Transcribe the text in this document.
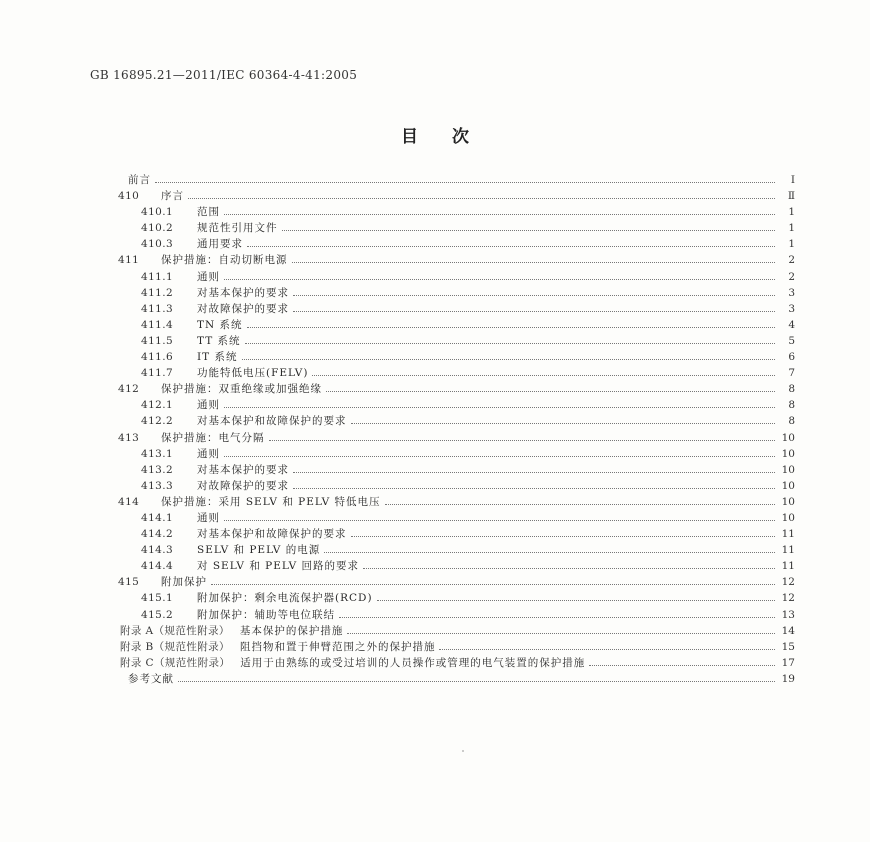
GB 16895.21—2011/IEC 60364-4-41:2005
目次
前言	I
410	序言	Ⅱ
410.1	范围	1
410.2	规范性引用文件	1
410.3	通用要求	1
411	保护措施：自动切断电源	2
411.1	通则	2
411.2	对基本保护的要求	3
411.3	对故障保护的要求	3
411.4	TN 系统	4
411.5	TT 系统	5
411.6	IT 系统	6
411.7	功能特低电压(FELV)	7
412	保护措施：双重绝缘或加强绝缘	8
412.1	通则	8
412.2	对基本保护和故障保护的要求	8
413	保护措施：电气分隔	10
413.1	通则	10
413.2	对基本保护的要求	10
413.3	对故障保护的要求	10
414	保护措施：采用 SELV 和 PELV 特低电压	10
414.1	通则	10
414.2	对基本保护和故障保护的要求	11
414.3	SELV 和 PELV 的电源	11
414.4	对 SELV 和 PELV 回路的要求	11
415	附加保护	12
415.1	附加保护：剩余电流保护器(RCD)	12
415.2	附加保护：辅助等电位联结	13
附录 A（规范性附录） 基本保护的保护措施	14
附录 B（规范性附录） 阻挡物和置于伸臂范围之外的保护措施	15
附录 C（规范性附录） 适用于由熟练的或受过培训的人员操作或管理的电气装置的保护措施	17
参考文献	19
